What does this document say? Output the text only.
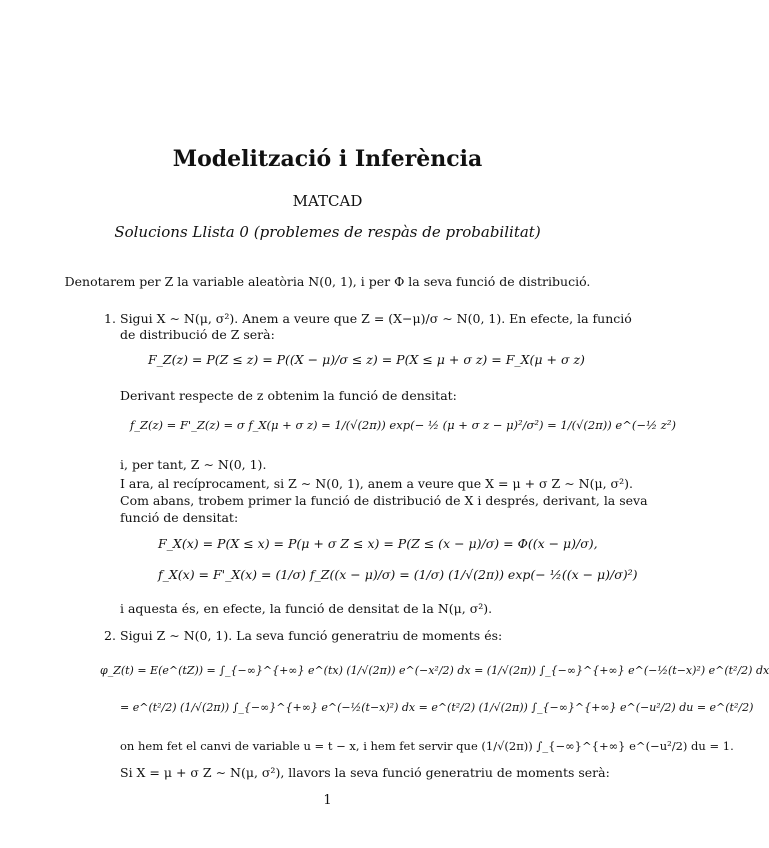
Modelització i Inferència
MATCAD
Solucions Llista 0 (problemes de respàs de probabilitat)
Denotarem per Z la variable aleatòria N(0, 1), i per Φ la seva funció de distribució.
1. Sigui X ∼ N(μ, σ²). Anem a veure que Z = (X−μ)/σ ∼ N(0, 1). En efecte, la funció
de distribució de Z serà:
F_Z(z) = P(Z ≤ z) = P((X − μ)/σ ≤ z) = P(X ≤ μ + σ z) = F_X(μ + σ z)
Derivant respecte de z obtenim la funció de densitat:
f_Z(z) = F'_Z(z) = σ f_X(μ + σ z) = 1/(√(2π)) exp(− ½ (μ + σ z − μ)²/σ²) = 1/(√(2π)) e^(−½ z²)
i, per tant, Z ∼ N(0, 1).
I ara, al recíprocament, si Z ∼ N(0, 1), anem a veure que X = μ + σ Z ∼ N(μ, σ²).
Com abans, trobem primer la funció de distribució de X i després, derivant, la seva
funció de densitat:
F_X(x) = P(X ≤ x) = P(μ + σ Z ≤ x) = P(Z ≤ (x − μ)/σ) = Φ((x − μ)/σ),
f_X(x) = F'_X(x) = (1/σ) f_Z((x − μ)/σ) = (1/σ) (1/√(2π)) exp(− ½((x − μ)/σ)²)
i aquesta és, en efecte, la funció de densitat de la N(μ, σ²).
2. Sigui Z ∼ N(0, 1). La seva funció generatriu de moments és:
φ_Z(t) = E(e^(tZ)) = ∫_{−∞}^{+∞} e^(tx) (1/√(2π)) e^(−x²/2) dx = (1/√(2π)) ∫_{−∞}^{+∞} e^(−½(t−x)²) e^(t²/2) dx
= e^(t²/2) (1/√(2π)) ∫_{−∞}^{+∞} e^(−½(t−x)²) dx = e^(t²/2) (1/√(2π)) ∫_{−∞}^{+∞} e^(−u²/2) du = e^(t²/2)
on hem fet el canvi de variable u = t − x, i hem fet servir que (1/√(2π)) ∫_{−∞}^{+∞} e^(−u²/2) du = 1.
Si X = μ + σ Z ∼ N(μ, σ²), llavors la seva funció generatriu de moments serà:
1
